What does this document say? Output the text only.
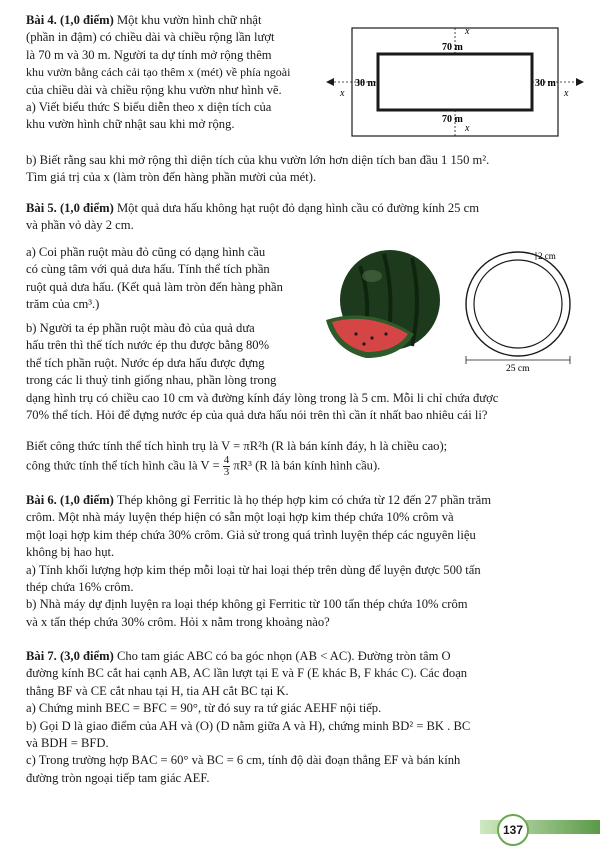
Bài 4. (1,0 điểm) Một khu vườn hình chữ nhật
(phần in đậm) có chiều dài và chiều rộng lần lượt
là 70 m và 30 m. Người ta dự tính mở rộng thêm
khu vườn bằng cách cải tạo thêm x (mét) về phía ngoài
của chiều dài và chiều rộng khu vườn như hình vẽ.
a) Viết biểu thức S biểu diễn theo x diện tích của
khu vườn hình chữ nhật sau khi mở rộng.
x
x
x	x
70 m
70 m
30 m	30 m
b) Biết rằng sau khi mở rộng thì diện tích của khu vườn lớn hơn diện tích ban đầu 1 150 m².
Tìm giá trị của x (làm tròn đến hàng phần mười của mét).
Bài 5. (1,0 điểm) Một quả dưa hấu không hạt ruột đỏ dạng hình cầu có đường kính 25 cm
và phần vỏ dày 2 cm.
a) Coi phần ruột màu đỏ cũng có dạng hình cầu
có cùng tâm với quả dưa hấu. Tính thể tích phần
ruột quả dưa hấu. (Kết quả làm tròn đến hàng phần
trăm của cm³.)
b) Người ta ép phần ruột màu đỏ của quả dưa
hấu trên thì thể tích nước ép thu được bằng 80%
thể tích phần ruột. Nước ép dưa hấu được đựng
trong các li thuỷ tinh giống nhau, phần lòng trong
dạng hình trụ có chiều cao 10 cm và đường kính đáy lòng trong là 5 cm. Mỗi li chỉ chứa được
70% thể tích. Hỏi để đựng nước ép của quả dưa hấu nói trên thì cần ít nhất bao nhiêu cái li?
2 cm
25 cm
Biết công thức tính thể tích hình trụ là V = πR²h (R là bán kính đáy, h là chiều cao);
công thức tính thể tích hình cầu là $V = \frac{4}{3} \pi R^3$ (R là bán kính hình cầu).
Bài 6. (1,0 điểm) Thép không gỉ Ferritic là họ thép hợp kim có chứa từ 12 đến 27 phần trăm
crôm. Một nhà máy luyện thép hiện có sẵn một loại hợp kim thép chứa 10% crôm và
một loại hợp kim thép chứa 30% crôm. Giả sử trong quá trình luyện thép các nguyên liệu
không bị hao hụt.
a) Tính khối lượng hợp kim thép mỗi loại từ hai loại thép trên dùng để luyện được 500 tấn
thép chứa 16% crôm.
b) Nhà máy dự định luyện ra loại thép không gỉ Ferritic từ 100 tấn thép chứa 10% crôm
và x tấn thép chứa 30% crôm. Hỏi x nằm trong khoảng nào?
Bài 7. (3,0 điểm) Cho tam giác ABC có ba góc nhọn (AB < AC). Đường tròn tâm O
đường kính BC cắt hai cạnh AB, AC lần lượt tại E và F (E khác B, F khác C). Các đoạn
thẳng BF và CE cắt nhau tại H, tia AH cắt BC tại K.
a) Chứng minh BEC = BFC = 90°, từ đó suy ra tứ giác AEHF nội tiếp.
b) Gọi D là giao điểm của AH và (O) (D nằm giữa A và H), chứng minh BD² = BK . BC
và BDH = BFD.
c) Trong trường hợp BAC = 60° và BC = 6 cm, tính độ dài đoạn thẳng EF và bán kính
đường tròn ngoại tiếp tam giác AEF.
137
